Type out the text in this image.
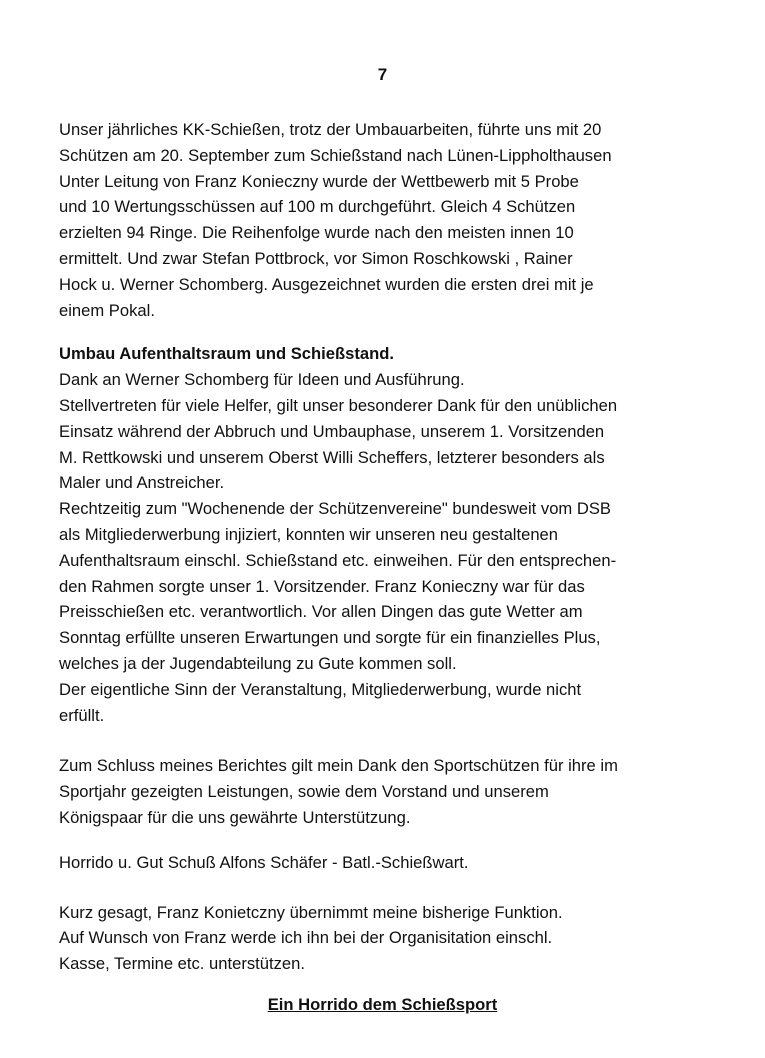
7
Unser jährliches KK-Schießen, trotz der Umbauarbeiten, führte uns mit 20
Schützen am 20. September zum Schießstand nach Lünen-Lippholthausen
Unter Leitung von Franz Konieczny wurde der Wettbewerb mit 5 Probe
und 10 Wertungsschüssen auf 100 m durchgeführt. Gleich 4 Schützen
erzielten 94 Ringe. Die Reihenfolge wurde nach den meisten innen 10
ermittelt. Und zwar Stefan Pottbrock, vor Simon Roschkowski , Rainer
Hock u. Werner Schomberg. Ausgezeichnet wurden die ersten drei mit je
einem Pokal.
Umbau Aufenthaltsraum und Schießstand.
Dank an Werner Schomberg für Ideen und Ausführung.
Stellvertreten für viele Helfer, gilt unser besonderer Dank für den unüblichen
Einsatz während der Abbruch und Umbauphase, unserem 1. Vorsitzenden
M. Rettkowski und unserem Oberst Willi Scheffers, letzterer besonders als
Maler und Anstreicher.
Rechtzeitig zum "Wochenende der Schützenvereine" bundesweit vom DSB
als Mitgliederwerbung injiziert, konnten wir unseren neu gestaltenen
Aufenthaltsraum einschl. Schießstand etc. einweihen. Für den entsprechen-
den Rahmen sorgte unser 1. Vorsitzender. Franz Konieczny war für das
Preisschießen etc. verantwortlich. Vor allen Dingen das gute Wetter am
Sonntag erfüllte unseren Erwartungen und sorgte für ein finanzielles Plus,
welches ja der Jugendabteilung zu Gute kommen soll.
Der eigentliche Sinn der Veranstaltung, Mitgliederwerbung, wurde nicht
erfüllt.
Zum Schluss meines Berichtes gilt mein Dank den Sportschützen für ihre im
Sportjahr gezeigten Leistungen, sowie dem Vorstand und unserem
Königspaar für die uns gewährte Unterstützung.
Horrido u. Gut Schuß Alfons Schäfer - Batl.-Schießwart.
Kurz gesagt, Franz Konietczny übernimmt meine bisherige Funktion.
Auf Wunsch von Franz werde ich ihn bei der Organisitation einschl.
Kasse, Termine etc. unterstützen.
Ein Horrido dem Schießsport
